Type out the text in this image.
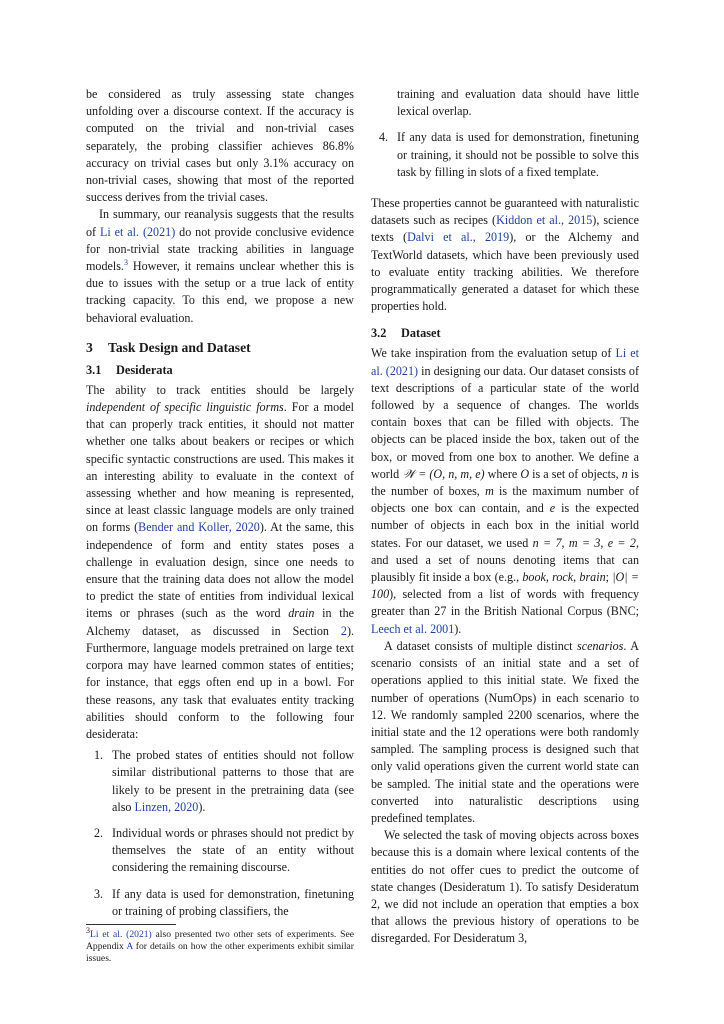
be considered as truly assessing state changes unfolding over a discourse context. If the accuracy is computed on the trivial and non-trivial cases separately, the probing classifier achieves 86.8% accuracy on trivial cases but only 3.1% accuracy on non-trivial cases, showing that most of the reported success derives from the trivial cases.

In summary, our reanalysis suggests that the results of Li et al. (2021) do not provide conclusive evidence for non-trivial state tracking abilities in language models.$^3$ However, it remains unclear whether this is due to issues with the setup or a true lack of entity tracking capacity. To this end, we propose a new behavioral evaluation.

3 Task Design and Dataset
3.1 Desiderata

The ability to track entities should be largely independent of specific linguistic forms. For a model that can properly track entities, it should not matter whether one talks about beakers or recipes or which specific syntactic constructions are used. This makes it an interesting ability to evaluate in the context of assessing whether and how meaning is represented, since at least classic language models are only trained on forms (Bender and Koller, 2020). At the same, this independence of form and entity states poses a challenge in evaluation design, since one needs to ensure that the training data does not allow the model to predict the state of entities from individual lexical items or phrases (such as the word drain in the Alchemy dataset, as discussed in Section 2). Furthermore, language models pretrained on large text corpora may have learned common states of entities; for instance, that eggs often end up in a bowl. For these reasons, any task that evaluates entity tracking abilities should conform to the following four desiderata:

1. The probed states of entities should not follow similar distributional patterns to those that are likely to be present in the pretraining data (see also Linzen, 2020).
2. Individual words or phrases should not predict by themselves the state of an entity without considering the remaining discourse.
3. If any data is used for demonstration, finetuning or training of probing classifiers, the
$^3$Li et al. (2021) also presented two other sets of experiments. See Appendix A for details on how the other experiments exhibit similar issues.
training and evaluation data should have little lexical overlap.
4. If any data is used for demonstration, finetuning or training, it should not be possible to solve this task by filling in slots of a fixed template.

These properties cannot be guaranteed with naturalistic datasets such as recipes (Kiddon et al., 2015), science texts (Dalvi et al., 2019), or the Alchemy and TextWorld datasets, which have been previously used to evaluate entity tracking abilities. We therefore programmatically generated a dataset for which these properties hold.

3.2 Dataset

We take inspiration from the evaluation setup of Li et al. (2021) in designing our data. Our dataset consists of text descriptions of a particular state of the world followed by a sequence of changes. The worlds contain boxes that can be filled with objects. The objects can be placed inside the box, taken out of the box, or moved from one box to another. We define a world 𝒲 = (O, n, m, e) where O is a set of objects, n is the number of boxes, m is the maximum number of objects one box can contain, and e is the expected number of objects in each box in the initial world states. For our dataset, we used n = 7, m = 3, e = 2, and used a set of nouns denoting items that can plausibly fit inside a box (e.g., book, rock, brain; |O| = 100), selected from a list of words with frequency greater than 27 in the British National Corpus (BNC; Leech et al. 2001).

A dataset consists of multiple distinct scenarios. A scenario consists of an initial state and a set of operations applied to this initial state. We fixed the number of operations (NumOps) in each scenario to 12. We randomly sampled 2200 scenarios, where the initial state and the 12 operations were both randomly sampled. The sampling process is designed such that only valid operations given the current world state can be sampled. The initial state and the operations were converted into naturalistic descriptions using predefined templates.

We selected the task of moving objects across boxes because this is a domain where lexical contents of the entities do not offer cues to predict the outcome of state changes (Desideratum 1). To satisfy Desideratum 2, we did not include an operation that empties a box that allows the previous history of operations to be disregarded. For Desideratum 3,
